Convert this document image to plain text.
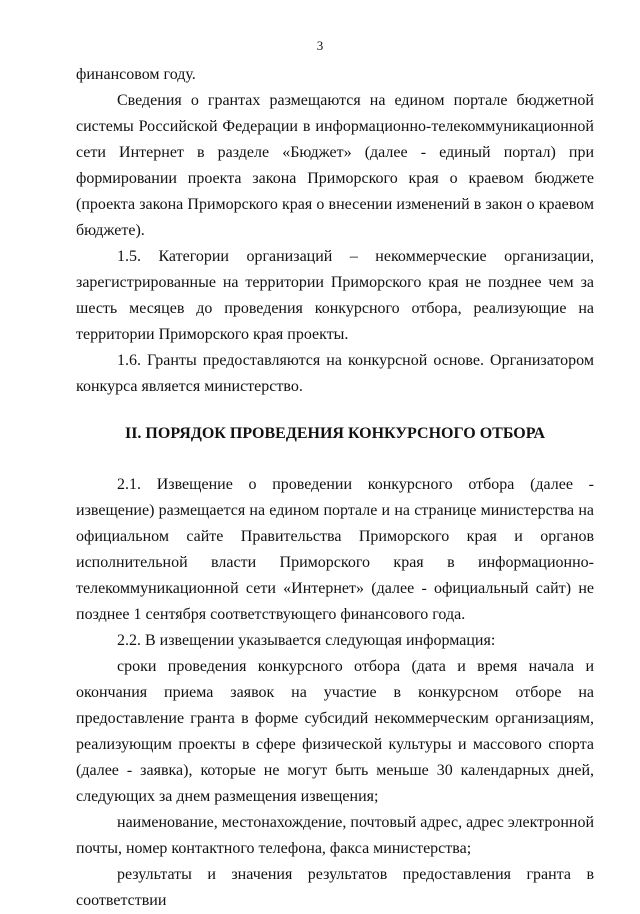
3

финансовом году.

Сведения о грантах размещаются на едином портале бюджетной системы Российской Федерации в информационно-телекоммуникационной сети Интернет в разделе «Бюджет» (далее - единый портал) при формировании проекта закона Приморского края о краевом бюджете (проекта закона Приморского края о внесении изменений в закон о краевом бюджете).

1.5. Категории организаций – некоммерческие организации, зарегистрированные на территории Приморского края не позднее чем за шесть месяцев до проведения конкурсного отбора, реализующие на территории Приморского края проекты.

1.6. Гранты предоставляются на конкурсной основе. Организатором конкурса является министерство.

II. ПОРЯДОК ПРОВЕДЕНИЯ КОНКУРСНОГО ОТБОРА

2.1. Извещение о проведении конкурсного отбора (далее - извещение) размещается на едином портале и на странице министерства на официальном сайте Правительства Приморского края и органов исполнительной власти Приморского края в информационно-телекоммуникационной сети «Интернет» (далее - официальный сайт) не позднее 1 сентября соответствующего финансового года.

2.2. В извещении указывается следующая информация:

сроки проведения конкурсного отбора (дата и время начала и окончания приема заявок на участие в конкурсном отборе на предоставление гранта в форме субсидий некоммерческим организациям, реализующим проекты в сфере физической культуры и массового спорта (далее - заявка), которые не могут быть меньше 30 календарных дней, следующих за днем размещения извещения;

наименование, местонахождение, почтовый адрес, адрес электронной почты, номер контактного телефона, факса министерства;

результаты и значения результатов предоставления гранта в соответствии
